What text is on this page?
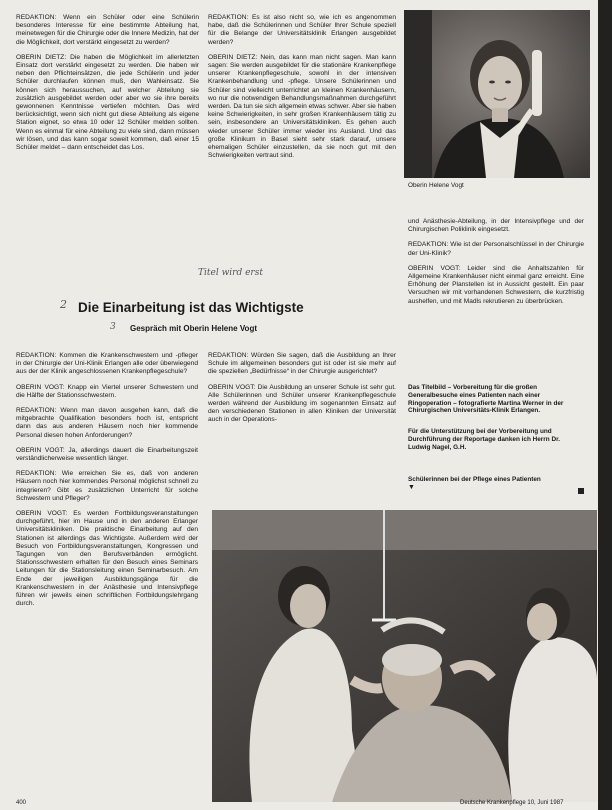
REDAKTION: Wenn ein Schüler oder eine Schülerin besonderes Interesse für eine bestimmte Abteilung hat, meinetwegen für die Chirurgie oder die Innere Medizin, hat der die Möglichkeit, dort verstärkt eingesetzt zu werden?

OBERIN DIETZ: Die haben die Möglichkeit im allerletzten Einsatz dort verstärkt eingesetzt zu werden. Die haben wir neben den Pflichteinsätzen, die jede Schülerin und jeder Schüler durchlaufen können muß, den Wahleinsatz. Sie können sich heraussuchen, auf welcher Abteilung sie zusätzlich ausgebildet werden oder aber wo sie ihre bereits gewonnenen Kenntnisse vertiefen möchten. Das wird berücksichtigt, wenn sich nicht gut diese Abteilung als eigene Station eignet, so etwa 10 oder 12 Schüler melden sollten. Wenn es einmal für eine Abteilung zu viele sind, dann müssen wir lösen, und das kann sogar soweit kommen, daß einer 15 Schüler meldet – dann entscheidet das Los.

REDAKTION: Es ist also nicht so, wie ich es angenommen habe, daß die Schülerinnen und Schüler Ihrer Schule speziell für die Belange der Universitätsklinik Erlangen ausgebildet werden?

OBERIN DIETZ: Nein, das kann man nicht sagen. Man kann sagen: Sie werden ausgebildet für die stationäre Krankenpflege unserer Krankenpflegeschule, sowohl in der intensiven Krankenbehandlung und -pflege. Unsere Schülerinnen und Schüler sind vielleicht unterrichtet an kleinen Krankenhäusern, wo nur die notwendigen Behandlungsmaßnahmen durchgeführt werden. Da tun sie sich allgemein etwas schwer. Aber sie haben keine Schwierigkeiten, in sehr großen Krankenhäusern tätig zu sein, insbesondere an Universitätskliniken. Es gehen auch wieder unserer Schüler immer wieder ins Ausland. Und das große Klinikum in Basel sieht sehr stark darauf, unsere ehemaligen Schüler einzustellen, da sie noch gut mit den Schwierigkeiten vertraut sind.

Oberin Helene Vogt

und Anästhesie-Abteilung, in der Intensivpflege und der Chirurgischen Poliklinik eingesetzt.

REDAKTION: Wie ist der Personalschlüssel in der Chirurgie der Uni-Klinik?

OBERIN VOGT: Leider sind die Anhaltszahlen für Allgemeine Krankenhäuser nicht einmal ganz erreicht. Eine Erhöhung der Planstellen ist in Aussicht gestellt. Ein paar Versuchen wir mit vorhandenen Schwestern, die kurzfristig aushelfen, und mit Madls rekrutieren zu überbrücken.

Titel wird erst
2
3
Die Einarbeitung ist das Wichtigste
Gespräch mit Oberin Helene Vogt

REDAKTION: Kommen die Krankenschwestern und -pfleger in der Chirurgie der Uni-Klinik Erlangen alle oder überwiegend aus der der Klinik angeschlossenen Krankenpflegeschule?

OBERIN VOGT: Knapp ein Viertel unserer Schwestern und die Hälfte der Stationsschwestern.

REDAKTION: Wenn man davon ausgehen kann, daß die mitgebrachte Qualifikation besonders hoch ist, entspricht dann das aus anderen Häusern noch hier kommende Personal diesen hohen Anforderungen?

OBERIN VOGT: Ja, allerdings dauert die Einarbeitungszeit verständlicherweise wesentlich länger.

REDAKTION: Wie erreichen Sie es, daß von anderen Häusern noch hier kommendes Personal möglichst schnell zu integrieren? Gibt es zusätzlichen Unterricht für solche Schwestern und Pfleger?

OBERIN VOGT: Es werden Fortbildungsveranstaltungen durchgeführt, hier im Hause und in den anderen Erlanger Universitätskliniken. Die praktische Einarbeitung auf den Stationen ist allerdings das Wichtigste. Außerdem wird der Besuch von Fortbildungsveranstaltungen, Kongressen und Tagungen von den Berufsverbänden ermöglicht. Stationsschwestern erhalten für den Besuch eines Seminars Leitungen für die Stationsleitung einen Seminarbesuch. Am Ende der jeweiligen Ausbildungsgänge für die Krankenschwestern in der Anästhesie und Intensivpflege führen wir jeweils einen schriftlichen Fortbildungslehrgang durch.

REDAKTION: Würden Sie sagen, daß die Ausbildung an Ihrer Schule im allgemeinen besonders gut ist oder ist sie mehr auf die speziellen „Bedürfnisse“ in der Chirurgie ausgerichtet?

OBERIN VOGT: Die Ausbildung an unserer Schule ist sehr gut. Alle Schülerinnen und Schüler unserer Krankenpflegeschule werden während der Ausbildung im sogenannten Einsatz auf den verschiedenen Stationen in allen Kliniken der Universität auch in der Operations-

Das Titelbild – Vorbereitung für die großen Generalbesuche eines Patienten nach einer Ringoperation – fotografierte Martina Werner in der Chirurgischen Universitäts-Klinik Erlangen.
Für die Unterstützung bei der Vorbereitung und Durchführung der Reportage danken ich Herrn Dr. Ludwig Nagel, G.H.
Schülerinnen bei der Pflege eines Patienten
▼
400	Deutsche Krankenpflege 10, Juni 1987
